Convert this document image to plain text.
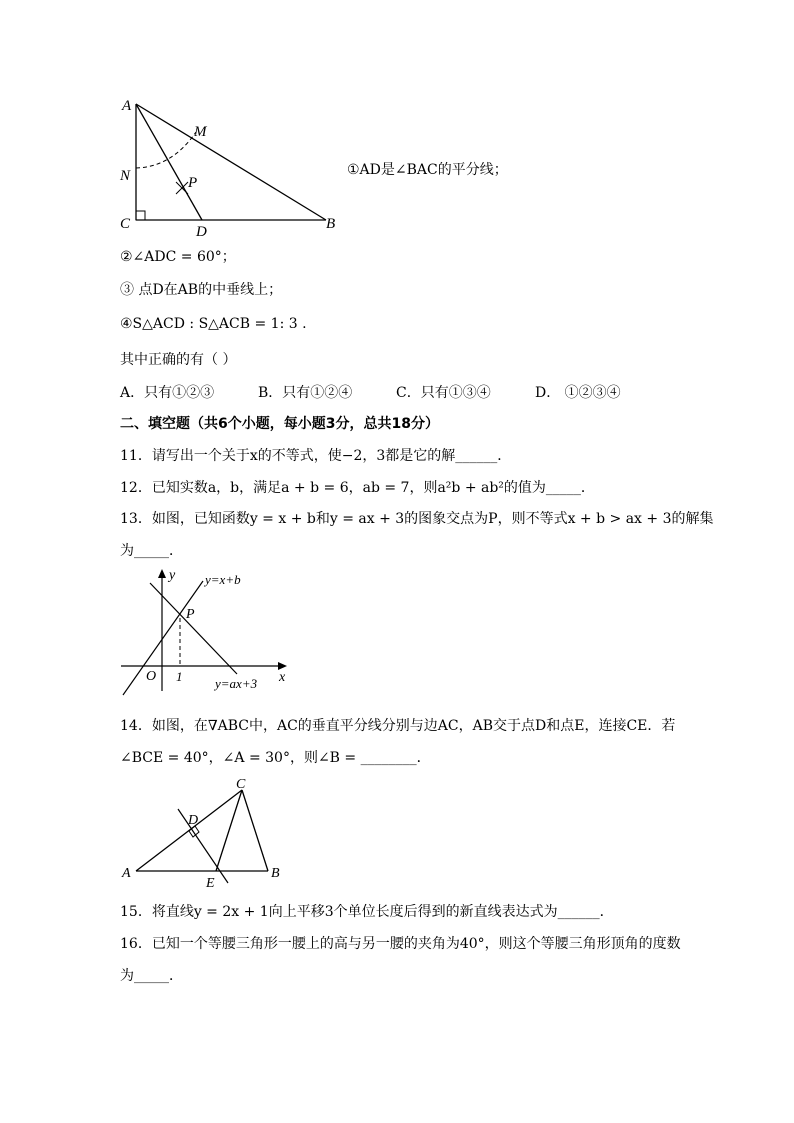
A
M
N	P
C	D	B
①AD是∠BAC的平分线；
②∠ADC = 60°；
③ 点D在AB的中垂线上；
④S△ACD : S△ACB = 1: 3 .
其中正确的有（ ）
A．只有①②③	B．只有①②④	C．只有①③④	D． ①②③④
二、填空题（共6个小题，每小题3分，总共18分）
11．请写出一个关于x的不等式，使−2，3都是它的解______．
12．已知实数a，b，满足a + b = 6，ab = 7，则a²b + ab²的值为_____．
13．如图，已知函数y = x + b和y = ax + 3的图象交点为P，则不等式x + b > ax + 3的解集
为_____．
y
x
O 1
P
y=x+b
y=ax+3
14．如图，在∇ABC中，AC的垂直平分线分别与边AC，AB交于点D和点E，连接CE．若
∠BCE = 40°，∠A = 30°，则∠B = ________．
A	B
C
D
E
15．将直线y = 2x + 1向上平移3个单位长度后得到的新直线表达式为______．
16．已知一个等腰三角形一腰上的高与另一腰的夹角为40°，则这个等腰三角形顶角的度数
为_____．
